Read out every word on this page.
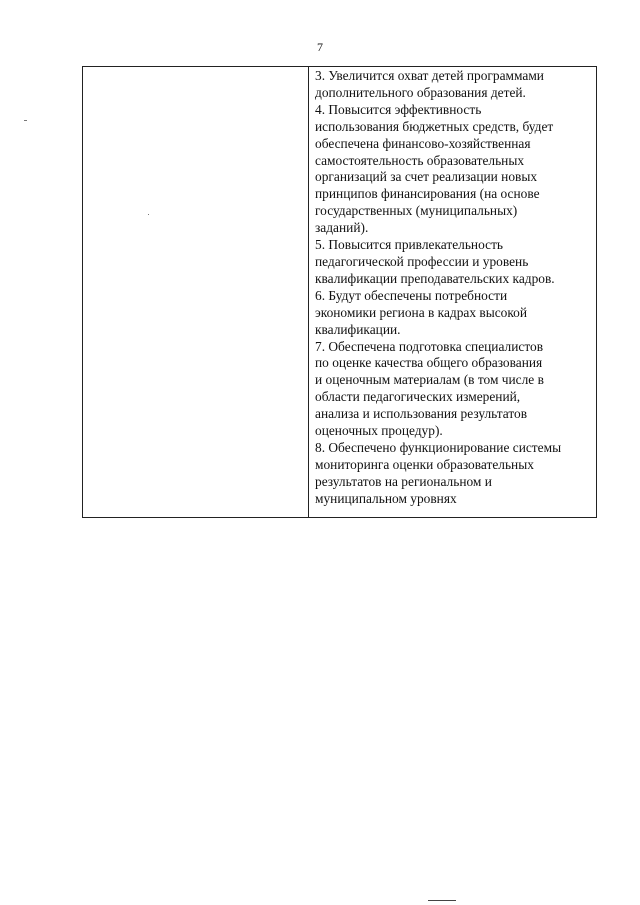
7
3. Увеличится охват детей программами
дополнительного образования детей.
4. Повысится эффективность
использования бюджетных средств, будет
обеспечена финансово-хозяйственная
самостоятельность образовательных
организаций за счет реализации новых
принципов финансирования (на основе
государственных (муниципальных)
заданий).
5. Повысится привлекательность
педагогической профессии и уровень
квалификации преподавательских кадров.
6. Будут обеспечены потребности
экономики региона в кадрах высокой
квалификации.
7. Обеспечена подготовка специалистов
по оценке качества общего образования
и оценочным материалам (в том числе в
области педагогических измерений,
анализа и использования результатов
оценочных процедур).
8. Обеспечено функционирование системы
мониторинга оценки образовательных
результатов на региональном и
муниципальном уровнях
